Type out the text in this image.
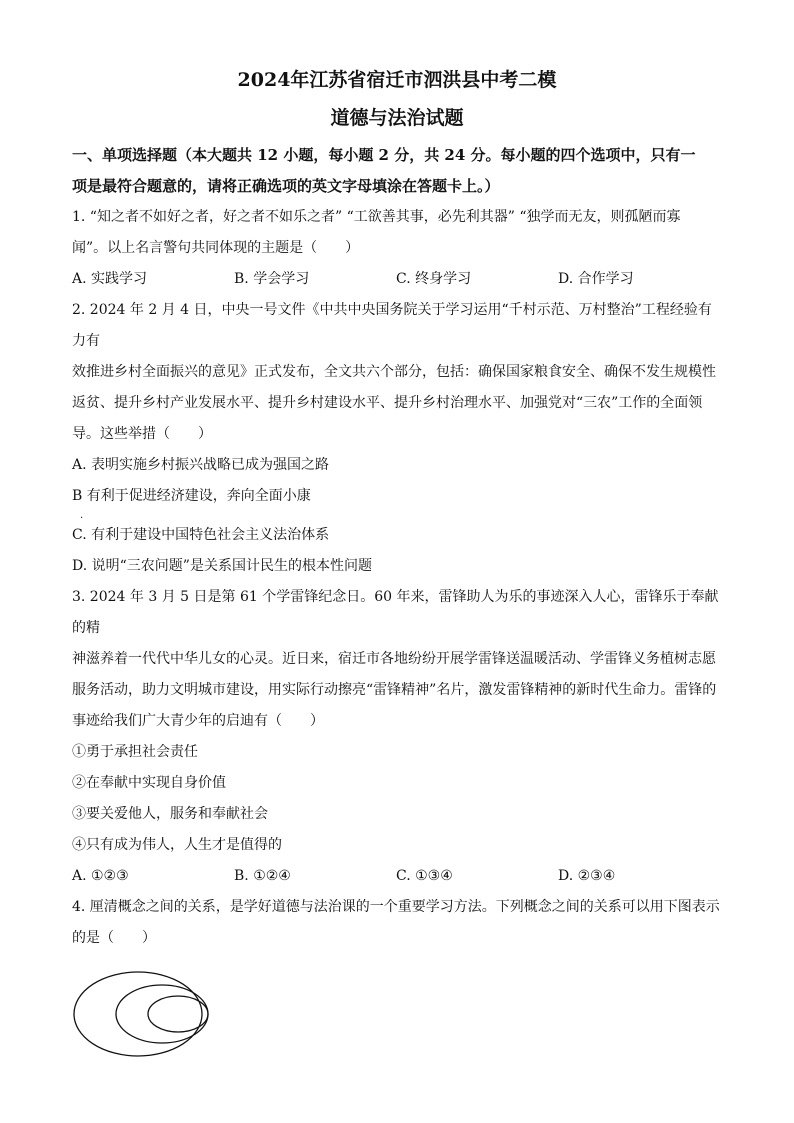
2024年江苏省宿迁市泗洪县中考二模

道德与法治试题

一、单项选择题（本大题共 12 小题，每小题 2 分，共 24 分。每小题的四个选项中，只有一

项是最符合题意的，请将正确选项的英文字母填涂在答题卡上。）

1. “知之者不如好之者，好之者不如乐之者” “工欲善其事，必先利其器” “独学而无友，则孤陋而寡

闻”。以上名言警句共同体现的主题是（　　）

A. 实践学习	B. 学会学习	C. 终身学习	D. 合作学习

2. 2024 年 2 月 4 日，中央一号文件《中共中央国务院关于学习运用“千村示范、万村整治”工程经验有力有

效推进乡村全面振兴的意见》正式发布，全文共六个部分，包括：确保国家粮食安全、确保不发生规模性

返贫、提升乡村产业发展水平、提升乡村建设水平、提升乡村治理水平、加强党对“三农”工作的全面领

导。这些举措（　　）

A. 表明实施乡村振兴战略已成为强国之路

B 有利于促进经济建设，奔向全面小康

.

C. 有利于建设中国特色社会主义法治体系

D. 说明“三农问题”是关系国计民生的根本性问题

3. 2024 年 3 月 5 日是第 61 个学雷锋纪念日。60 年来，雷锋助人为乐的事迹深入人心，雷锋乐于奉献的精

神滋养着一代代中华儿女的心灵。近日来，宿迁市各地纷纷开展学雷锋送温暖活动、学雷锋义务植树志愿

服务活动，助力文明城市建设，用实际行动擦亮“雷锋精神”名片，激发雷锋精神的新时代生命力。雷锋的

事迹给我们广大青少年的启迪有（　　）

①勇于承担社会责任

②在奉献中实现自身价值

③要关爱他人，服务和奉献社会

④只有成为伟人，人生才是值得的

A. ①②③	B. ①②④	C. ①③④	D. ②③④

4. 厘清概念之间的关系，是学好道德与法治课的一个重要学习方法。下列概念之间的关系可以用下图表示

的是（　　）
